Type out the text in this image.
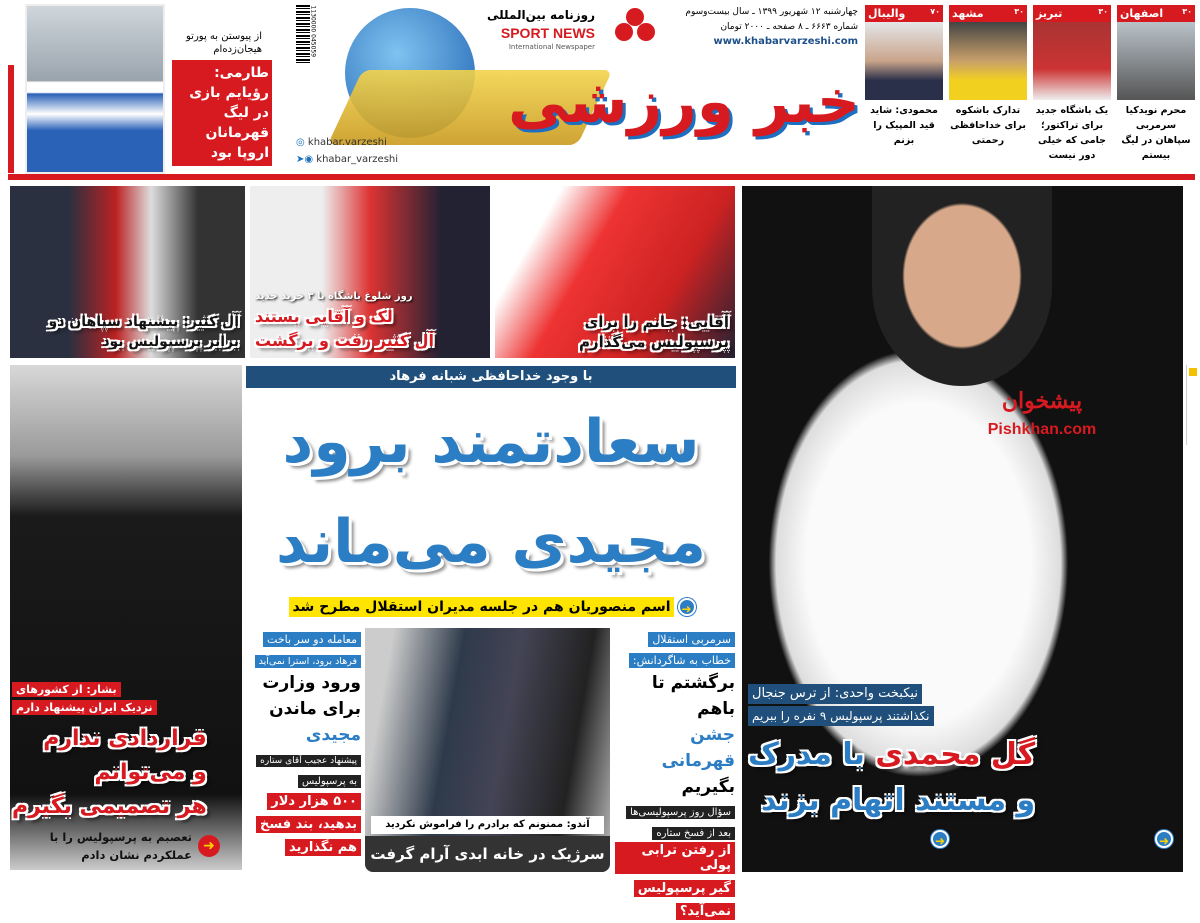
از پیوستن به پورتو هیجان‌زده‌ام
طارمی: رؤیایم بازی در لیگ قهرمانان اروپا بود
1130000 045059
خبر ورزشی
روزنامه بین‌المللی
SPORT NEWS
International Newspaper
◎ khabar.varzeshi
➤◉ khabar_varzeshi
چهارشنبه ۱۲ شهریور ۱۳۹۹ ـ سال بیست‌وسوم
شماره ۶۶۶۳ ـ ۸ صفحه ـ ۲۰۰۰ تومان
www.khabarvarzeshi.com
اصفهان ۳۰
محرم نویدکیا سرمربی سپاهان در لیگ بیستم
تبریز	۳۰
یک باشگاه جدید برای تراکتور؛ جامی که خیلی دور نیست
مشهد	۳۰
تدارک باشکوه برای خداحافظی رحمتی
والیبال	۷۰
محمودی: شاید قید المپیک را بزنم
آقایی: جانم را برای پرسپولیس می‌گذارم
روز شلوغ باشگاه با ۳ خرید جدید
لک و آقایی بستند
آل کثیر رفت و برگشت
آل کثیر: پیشنهاد سپاهان دو برابر پرسپولیس بود
بشار: از کشورهای
نزدیک ایران پیشنهاد دارم
قراردادی ندارم
و می‌توانم
هر تصمیمی بگیرم
تعصبم به پرسپولیس را با عملکردم نشان دادم
➜
با وجود خداحافظی شبانه فرهاد
سعادتمند برود
مجیدی می‌ماند
➜
اسم منصوریان هم در جلسه مدیران استقلال مطرح شد
سرمربی استقلال خطاب به شاگردانش:
برگشتم تا باهم
جشن قهرمانی
بگیریم
سؤال روز پرسپولیسی‌ها بعد از فسخ ستاره از رفتن ترابی پولی گیر پرسپولیس نمی‌آید؟
آندو: ممنونم که برادرم را فراموش نکردید
سرژیک در خانه ابدی آرام گرفت
معامله دو سر باخت فرهاد برود، استرا نمی‌آید
ورود وزارت
برای ماندن
مجیدی
پیشنهاد عجیب آقای ستاره به پرسپولیس ۵۰۰ هزار دلار بدهید، بند فسخ هم نگذارید
پیشخوان
Pishkhan.com
نیکبخت واحدی: از ترس جنجال
نکذاشتند پرسپولیس ۹ نفره را ببریم
گل محمدی با مدرک
و مستند اتهام بزند
➜
مثل قایدی ازدواج می‌کردم ۱۸ سالگی لژیونر می‌شدم
➜
سرمربیگری برای رحمتی زود بود
